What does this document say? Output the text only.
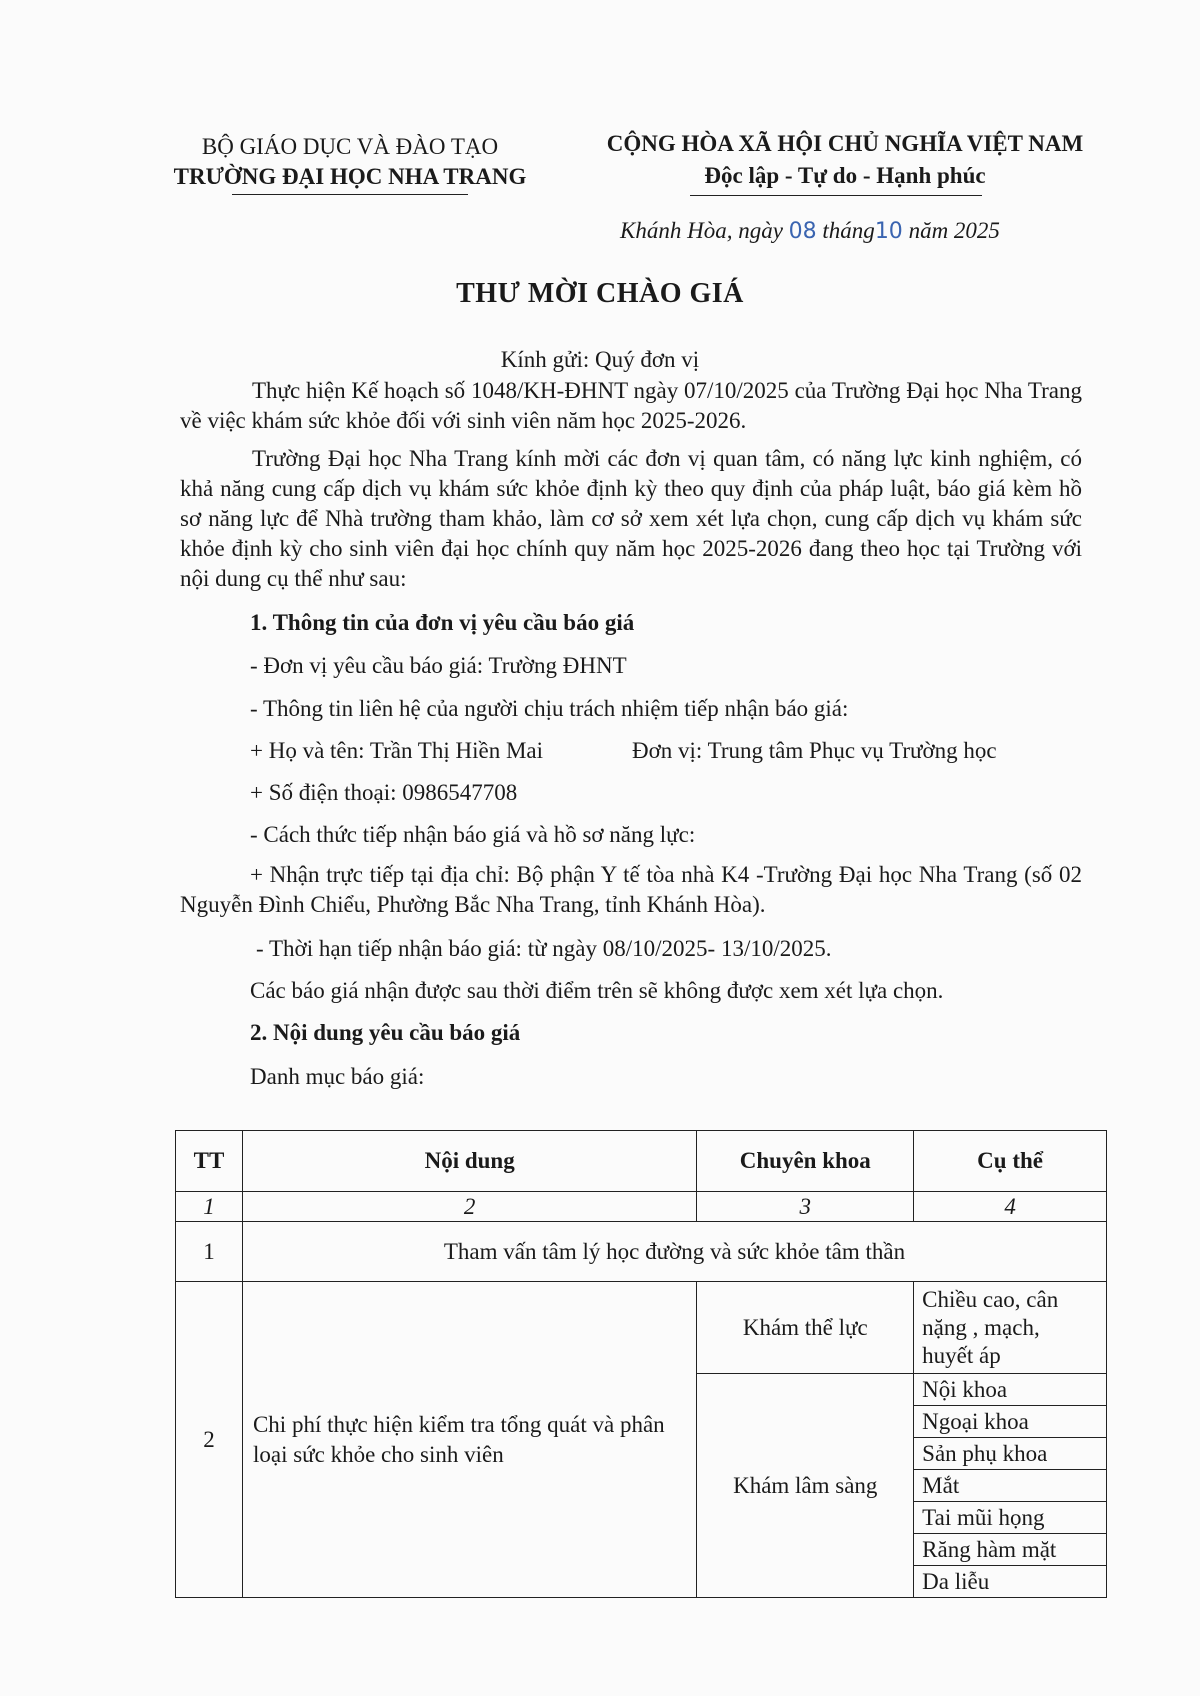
BỘ GIÁO DỤC VÀ ĐÀO TẠO
TRƯỜNG ĐẠI HỌC NHA TRANG
CỘNG HÒA XÃ HỘI CHỦ NGHĨA VIỆT NAM
Độc lập - Tự do - Hạnh phúc
Khánh Hòa, ngày 08 tháng10 năm 2025
THƯ MỜI CHÀO GIÁ
Kính gửi: Quý đơn vị
Thực hiện Kế hoạch số 1048/KH-ĐHNT ngày 07/10/2025 của Trường Đại học Nha Trang về việc khám sức khỏe đối với sinh viên năm học 2025-2026.
Trường Đại học Nha Trang kính mời các đơn vị quan tâm, có năng lực kinh nghiệm, có khả năng cung cấp dịch vụ khám sức khỏe định kỳ theo quy định của pháp luật, báo giá kèm hồ sơ năng lực để Nhà trường tham khảo, làm cơ sở xem xét lựa chọn, cung cấp dịch vụ khám sức khỏe định kỳ cho sinh viên đại học chính quy năm học 2025-2026 đang theo học tại Trường với nội dung cụ thể như sau:
1. Thông tin của đơn vị yêu cầu báo giá
- Đơn vị yêu cầu báo giá: Trường ĐHNT
- Thông tin liên hệ của người chịu trách nhiệm tiếp nhận báo giá:
+ Họ và tên: Trần Thị Hiền Mai	Đơn vị: Trung tâm Phục vụ Trường học
+ Số điện thoại: 0986547708
- Cách thức tiếp nhận báo giá và hồ sơ năng lực:
+ Nhận trực tiếp tại địa chỉ: Bộ phận Y tế tòa nhà K4 -Trường Đại học Nha Trang (số 02 Nguyễn Đình Chiểu, Phường Bắc Nha Trang, tỉnh Khánh Hòa).
- Thời hạn tiếp nhận báo giá: từ ngày 08/10/2025- 13/10/2025.
Các báo giá nhận được sau thời điểm trên sẽ không được xem xét lựa chọn.
2. Nội dung yêu cầu báo giá
Danh mục báo giá:
TT	Nội dung	Chuyên khoa	Cụ thể
1	2	3	4
1	Tham vấn tâm lý học đường và sức khỏe tâm thần		
2	Chi phí thực hiện kiểm tra tổng quát và phân loại sức khỏe cho sinh viên	Khám thể lực	Chiều cao, cân nặng , mạch, huyết áp
		Khám lâm sàng	Nội khoa
			Ngoại khoa
			Sản phụ khoa
			Mắt
			Tai mũi họng
			Răng hàm mặt
			Da liễu
